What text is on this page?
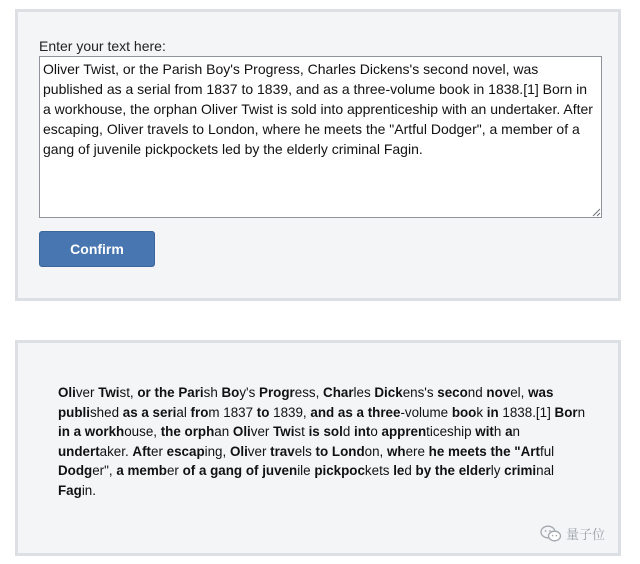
Enter your text here:
Oliver Twist, or the Parish Boy's Progress, Charles Dickens's second novel, was published as a serial from 1837 to 1839, and as a three-volume book in 1838.[1] Born in a workhouse, the orphan Oliver Twist is sold into apprenticeship with an undertaker. After escaping, Oliver travels to London, where he meets the "Artful Dodger", a member of a gang of juvenile pickpockets led by the elderly criminal Fagin.
Confirm
Oliver Twist, or the Parish Boy's Progress, Charles Dickens's second novel, was published as a serial from 1837 to 1839, and as a three-volume book in 1838.[1] Born in a workhouse, the orphan Oliver Twist is sold into apprenticeship with an undertaker. After escaping, Oliver travels to London, where he meets the "Artful Dodger", a member of a gang of juvenile pickpockets led by the elderly criminal Fagin.
量子位
